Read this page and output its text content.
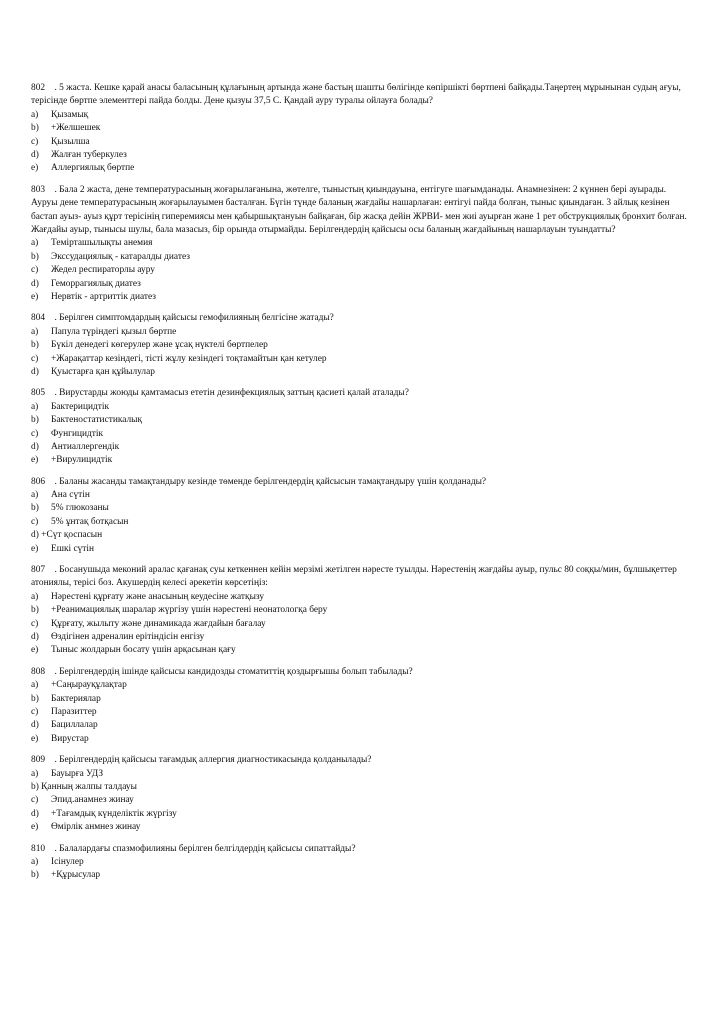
802 . 5 жаста. Кешке қарай анасы баласының құлағының артында және бастың шашты бөлігінде көпіршікті бөртпені байқады.Таңертең мұрынынан судың ағуы, терісінде бөртпе элементтері пайда болды. Дене қызуы 37,5 С. Қандай ауру туралы ойлауға болады?
a)	Қызамық
b)	+Желшешек
c)	Қызылша
d)	Жалған туберкулез
e)	Аллергиялық бөртпе
803 . Бала 2 жаста, дене температурасының жоғарылағанына, жөтелге, тыныстың қиындауына, ентігуге шағымданады. Анамнезінен: 2 күннен бері ауырады. Ауруы дене температурасының жоғарылауымен басталған. Бүгін түнде баланың жағдайы нашарлаған: ентігуі пайда болған, тыныс қиындаған. 3 айлық кезінен бастап ауыз- ауыз құрт терісінің гиперемиясы мен қабыршықтануын байқаған, бір жасқа дейін ЖРВИ- мен жиі ауырған және 1 рет обструкциялық бронхит болған. Жағдайы ауыр, тынысы шулы, бала мазасыз, бір орында отырмайды. Берілгендердің қайсысы осы баланың жағдайының нашарлауын туындатты?
a)	Темірташылықты анемия
b)	Экссудациялық - катаралды диатез
c)	Жедел респираторлы ауру
d)	Геморрагиялық диатез
e)	Нервтік - артриттік диатез
804 . Берілген симптомдардың қайсысы гемофилияның белгісіне жатады?
a)	Папула түріндегі қызыл бөртпе
b)	Бүкіл денедегі көгерулер және ұсақ нүктелі бөртпелер
c)	+Жарақаттар кезіндегі, тісті жұлу кезіндегі тоқтамайтын қан кетулер
d)	Қуыстарға қан құйылулар
805 . Вирустарды жоюды қамтамасыз ететін дезинфекциялық заттың қасиеті қалай аталады?
a)	Бактерицидтік
b)	Бактеностатистикалық
c)	Фунгицидтік
d)	Антиаллергендік
e)	+Вирулицидтік
806 . Баланы жасанды тамақтандыру кезінде төменде берілгендердің қайсысын тамақтандыру үшін қолданады?
a)	Ана сүтін
b)	5% глюкозаны
c)	5% ұнтақ ботқасын
d) +Сүт қоспасын
e)	Ешкі сүтін
807 . Босанушыда меконий аралас қағанақ суы кеткеннен кейін мерзімі жетілген нәресте туылды. Нәрестенің жағдайы ауыр, пульс 80 соққы/мин, бұлшықеттер атониялы, терісі боз. Акушердің келесі әрекетін көрсетіңіз:
a)	Нәрестені құрғату және анасының кеудесіне жатқызу
b)	+Реанимациялық шаралар жүргізу үшін нәрестені неонатологқа беру
c)	Құрғату, жылыту және динамикада жағдайын бағалау
d)	Өздігінен адреналин ерітіндісін енгізу
e)	Тыныс жолдарын босату үшін арқасынан қағу
808 . Берілгендердің ішінде қайсысы кандидозды стоматиттің қоздырғышы болып табылады?
a)	+Саңырауқұлақтар
b)	Бактериялар
c)	Паразиттер
d)	Бациллалар
e)	Вирустар
809 . Берілгендердің қайсысы тағамдық аллергия диагностикасында қолданылады?
a)	Бауырға УДЗ
b) Қанның жалпы талдауы
c)	Эпид.анамнез жинау
d)	+Тағамдық күнделіктік жүргізу
e)	Өмірлік анмнез жинау
810 . Балалардағы спазмофилияны берілген белгілдердің қайсысы сипаттайды?
a)	Ісінулер
b)	+Құрысулар
